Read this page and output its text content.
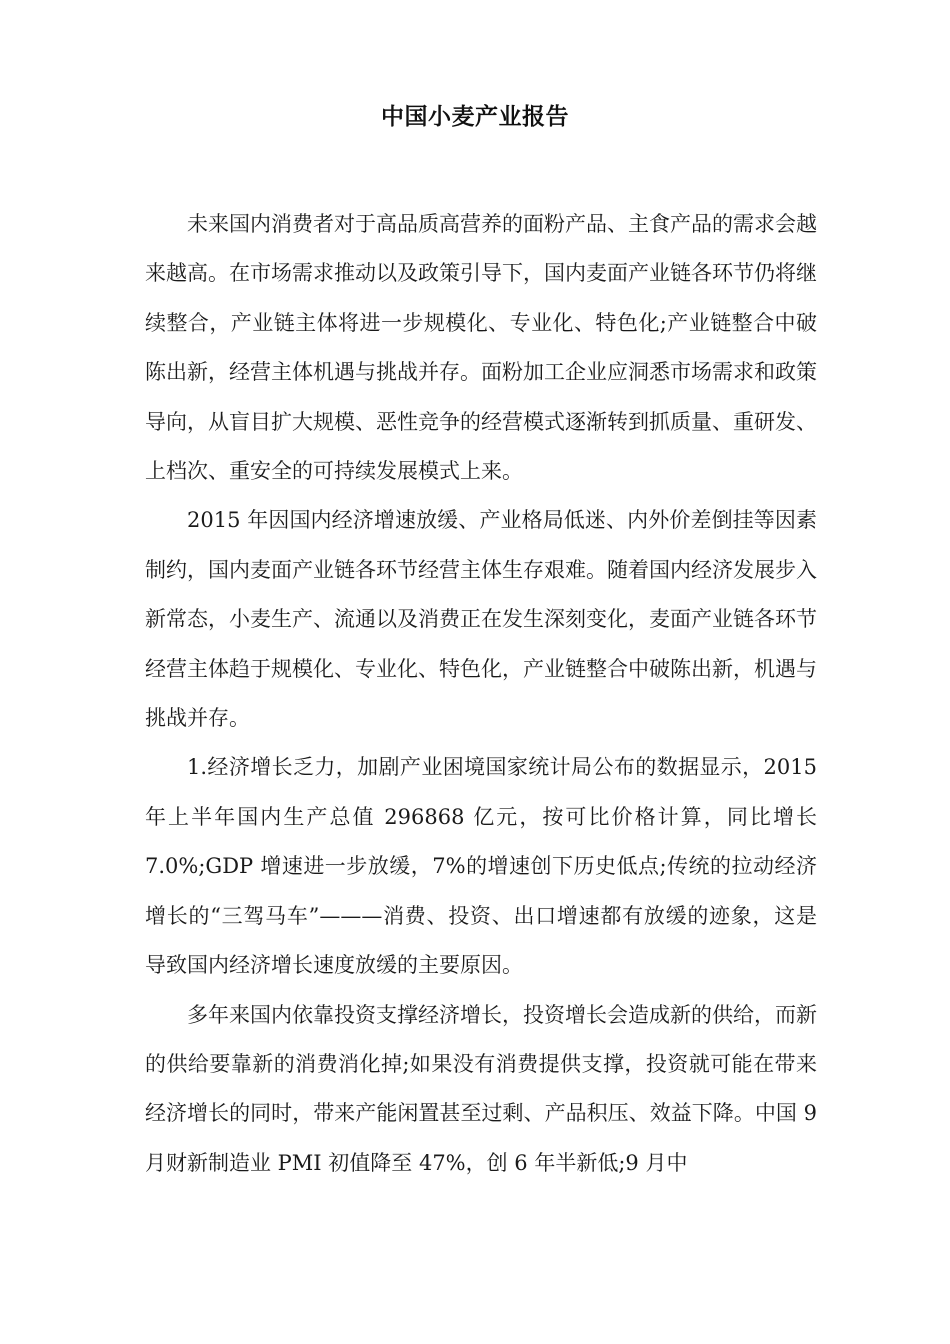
中国小麦产业报告

未来国内消费者对于高品质高营养的面粉产品、主食产品的需求会越来越高。在市场需求推动以及政策引导下，国内麦面产业链各环节仍将继续整合，产业链主体将进一步规模化、专业化、特色化;产业链整合中破陈出新，经营主体机遇与挑战并存。面粉加工企业应洞悉市场需求和政策导向，从盲目扩大规模、恶性竞争的经营模式逐渐转到抓质量、重研发、上档次、重安全的可持续发展模式上来。

2015 年因国内经济增速放缓、产业格局低迷、内外价差倒挂等因素制约，国内麦面产业链各环节经营主体生存艰难。随着国内经济发展步入新常态，小麦生产、流通以及消费正在发生深刻变化，麦面产业链各环节经营主体趋于规模化、专业化、特色化，产业链整合中破陈出新，机遇与挑战并存。

1.经济增长乏力，加剧产业困境国家统计局公布的数据显示，2015 年上半年国内生产总值 296868 亿元，按可比价格计算，同比增长 7.0%;GDP 增速进一步放缓，7%的增速创下历史低点;传统的拉动经济增长的“三驾马车”———消费、投资、出口增速都有放缓的迹象，这是导致国内经济增长速度放缓的主要原因。

多年来国内依靠投资支撑经济增长，投资增长会造成新的供给，而新的供给要靠新的消费消化掉;如果没有消费提供支撑，投资就可能在带来经济增长的同时，带来产能闲置甚至过剩、产品积压、效益下降。中国 9 月财新制造业 PMI 初值降至 47%，创 6 年半新低;9 月中
